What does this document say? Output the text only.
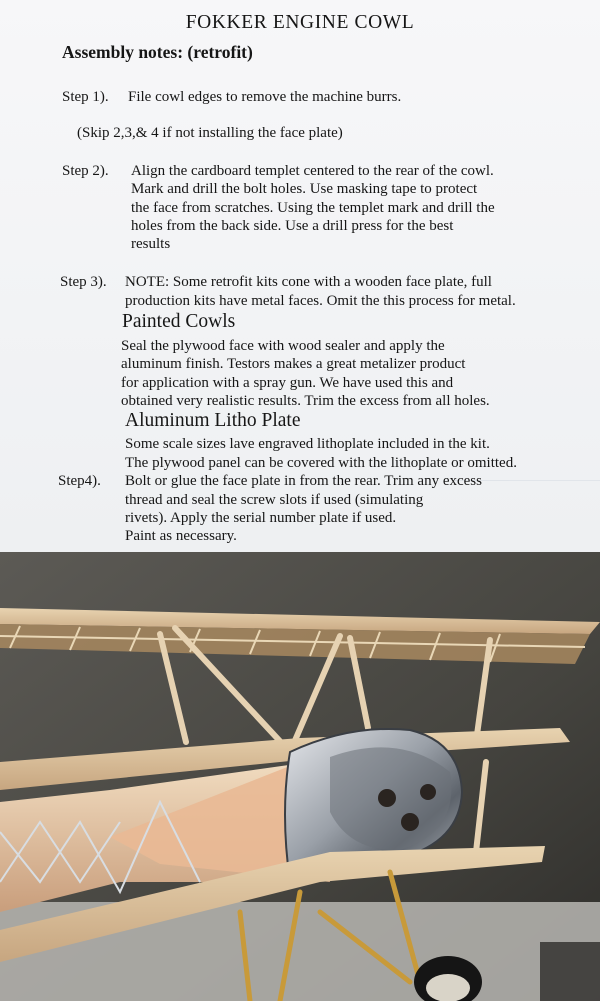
FOKKER ENGINE COWL

Assembly notes: (retrofit)

Step 1). File cowl edges to remove the machine burrs.

(Skip 2,3,& 4 if not installing the face plate)

Step 2). Align the cardboard templet centered to the rear of the cowl.

Mark and drill the bolt holes. Use masking tape to protect

the face from scratches. Using the templet mark and drill the

holes from the back side. Use a drill press for the best

results

Step 3). NOTE: Some retrofit kits cone with a wooden face plate, full

production kits have metal faces. Omit the this process for metal.

Painted Cowls

Seal the plywood face with wood sealer and apply the

aluminum finish. Testors makes a great metalizer product

for application with a spray gun. We have used this and

obtained very realistic results. Trim the excess from all holes.

Aluminum Litho Plate

Some scale sizes lave engraved lithoplate included in the kit.

The plywood panel can be covered with the lithoplate or omitted.

Step4). Bolt or glue the face plate in from the rear. Trim any excess

thread and seal the screw slots if used (simulating

rivets). Apply the serial number plate if used.

Paint as necessary.
